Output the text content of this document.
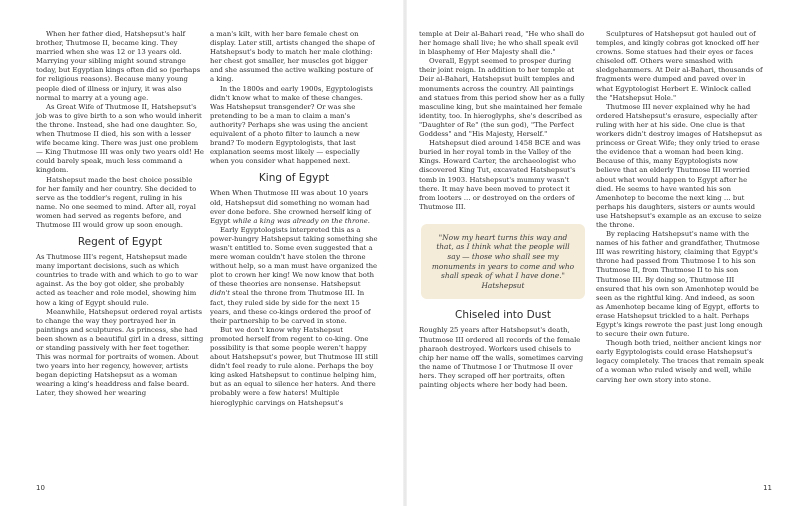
When her father died, Hatshepsut's half brother, Thutmose II, became king. They married when she was 12 or 13 years old. Marrying your sibling might sound strange today, but Egyptian kings often did so (perhaps for religious reasons). Because many young people died of illness or injury, it was also normal to marry at a young age.

As Great Wife of Thutmose II, Hatshepsut's job was to give birth to a son who would inherit the throne. Instead, she had one daughter. So, when Thutmose II died, his son with a lesser wife became king. There was just one problem — King Thutmose III was only two years old! He could barely speak, much less command a kingdom.

Hatshepsut made the best choice possible for her family and her country. She decided to serve as the toddler's regent, ruling in his name. No one seemed to mind. After all, royal women had served as regents before, and Thutmose III would grow up soon enough.

Regent of Egypt

As Thutmose III's regent, Hatshepsut made many important decisions, such as which countries to trade with and which to go to war against. As the boy got older, she probably acted as teacher and role model, showing him how a king of Egypt should rule.

Meanwhile, Hatshepsut ordered royal artists to change the way they portrayed her in paintings and sculptures. As princess, she had been shown as a beautiful girl in a dress, sitting or standing passively with her feet together. This was normal for portraits of women. About two years into her regency, however, artists began depicting Hatshepsut as a woman wearing a king's headdress and false beard. Later, they showed her wearing

a man's kilt, with her bare female chest on display. Later still, artists changed the shape of Hatshepsut's body to match her male clothing: her chest got smaller, her muscles got bigger and she assumed the active walking posture of a king.

In the 1800s and early 1900s, Egyptologists didn't know what to make of these changes. Was Hatshepsut transgender? Or was she pretending to be a man to claim a man's authority? Perhaps she was using the ancient equivalent of a photo filter to launch a new brand? To modern Egyptologists, that last explanation seems most likely — especially when you consider what happened next.

King of Egypt

When When Thutmose III was about 10 years old, Hatshepsut did something no woman had ever done before. She crowned herself king of Egypt while a king was already on the throne.

Early Egyptologists interpreted this as a power-hungry Hatshepsut taking something she wasn't entitled to. Some even suggested that a mere woman couldn't have stolen the throne without help, so a man must have organized the plot to crown her king! We now know that both of these theories are nonsense. Hatshepsut didn't steal the throne from Thutmose III. In fact, they ruled side by side for the next 15 years, and these co-kings ordered the proof of their partnership to be carved in stone.

But we don't know why Hatshepsut promoted herself from regent to co-king. One possibility is that some people weren't happy about Hatshepsut's power, but Thutmose III still didn't feel ready to rule alone. Perhaps the boy king asked Hatshepsut to continue helping him, but as an equal to silence her haters. And there probably were a few haters! Multiple hieroglyphic carvings on Hatshepsut's

10

temple at Deir al-Bahari read, "He who shall do her homage shall live; he who shall speak evil in blasphemy of Her Majesty shall die."

Overall, Egypt seemed to prosper during their joint reign. In addition to her temple at Deir al-Bahari, Hatshepsut built temples and monuments across the country. All paintings and statues from this period show her as a fully masculine king, but she maintained her female identity, too. In hieroglyphs, she's described as "Daughter of Re" (the sun god), "The Perfect Goddess" and "His Majesty, Herself."

Hatshepsut died around 1458 BCE and was buried in her royal tomb in the Valley of the Kings. Howard Carter, the archaeologist who discovered King Tut, excavated Hatshepsut's tomb in 1903. Hatshepsut's mummy wasn't there. It may have been moved to protect it from looters … or destroyed on the orders of Thutmose III.

"Now my heart turns this way and that, as I think what the people will say — those who shall see my monuments in years to come and who shall speak of what I have done."
Hatshepsut
Chiseled into Dust

Roughly 25 years after Hatshepsut's death, Thutmose III ordered all records of the female pharaoh destroyed. Workers used chisels to chip her name off the walls, sometimes carving the name of Thutmose I or Thutmose II over hers. They scraped off her portraits, often painting objects where her body had been.

Sculptures of Hatshepsut got hauled out of temples, and kingly cobras got knocked off her crowns. Some statues had their eyes or faces chiseled off. Others were smashed with sledgehammers. At Deir al-Bahari, thousands of fragments were dumped and paved over in what Egyptologist Herbert E. Winlock called the "Hatshepsut Hole."

Thutmose III never explained why he had ordered Hatshepsut's erasure, especially after ruling with her at his side. One clue is that workers didn't destroy images of Hatshepsut as princess or Great Wife; they only tried to erase the evidence that a woman had been king. Because of this, many Egyptologists now believe that an elderly Thutmose III worried about what would happen to Egypt after he died. He seems to have wanted his son Amenhotep to become the next king … but perhaps his daughters, sisters or aunts would use Hatshepsut's example as an excuse to seize the throne.

By replacing Hatshepsut's name with the names of his father and grandfather, Thutmose III was rewriting history, claiming that Egypt's throne had passed from Thutmose I to his son Thutmose II, from Thutmose II to his son Thutmose III. By doing so, Thutmose III ensured that his own son Amenhotep would be seen as the rightful king. And indeed, as soon as Amenhotep became king of Egypt, efforts to erase Hatshepsut trickled to a halt. Perhaps Egypt's kings rewrote the past just long enough to secure their own future.

Though both tried, neither ancient kings nor early Egyptologists could erase Hatshepsut's legacy completely. The traces that remain speak of a woman who ruled wisely and well, while carving her own story into stone.

11
